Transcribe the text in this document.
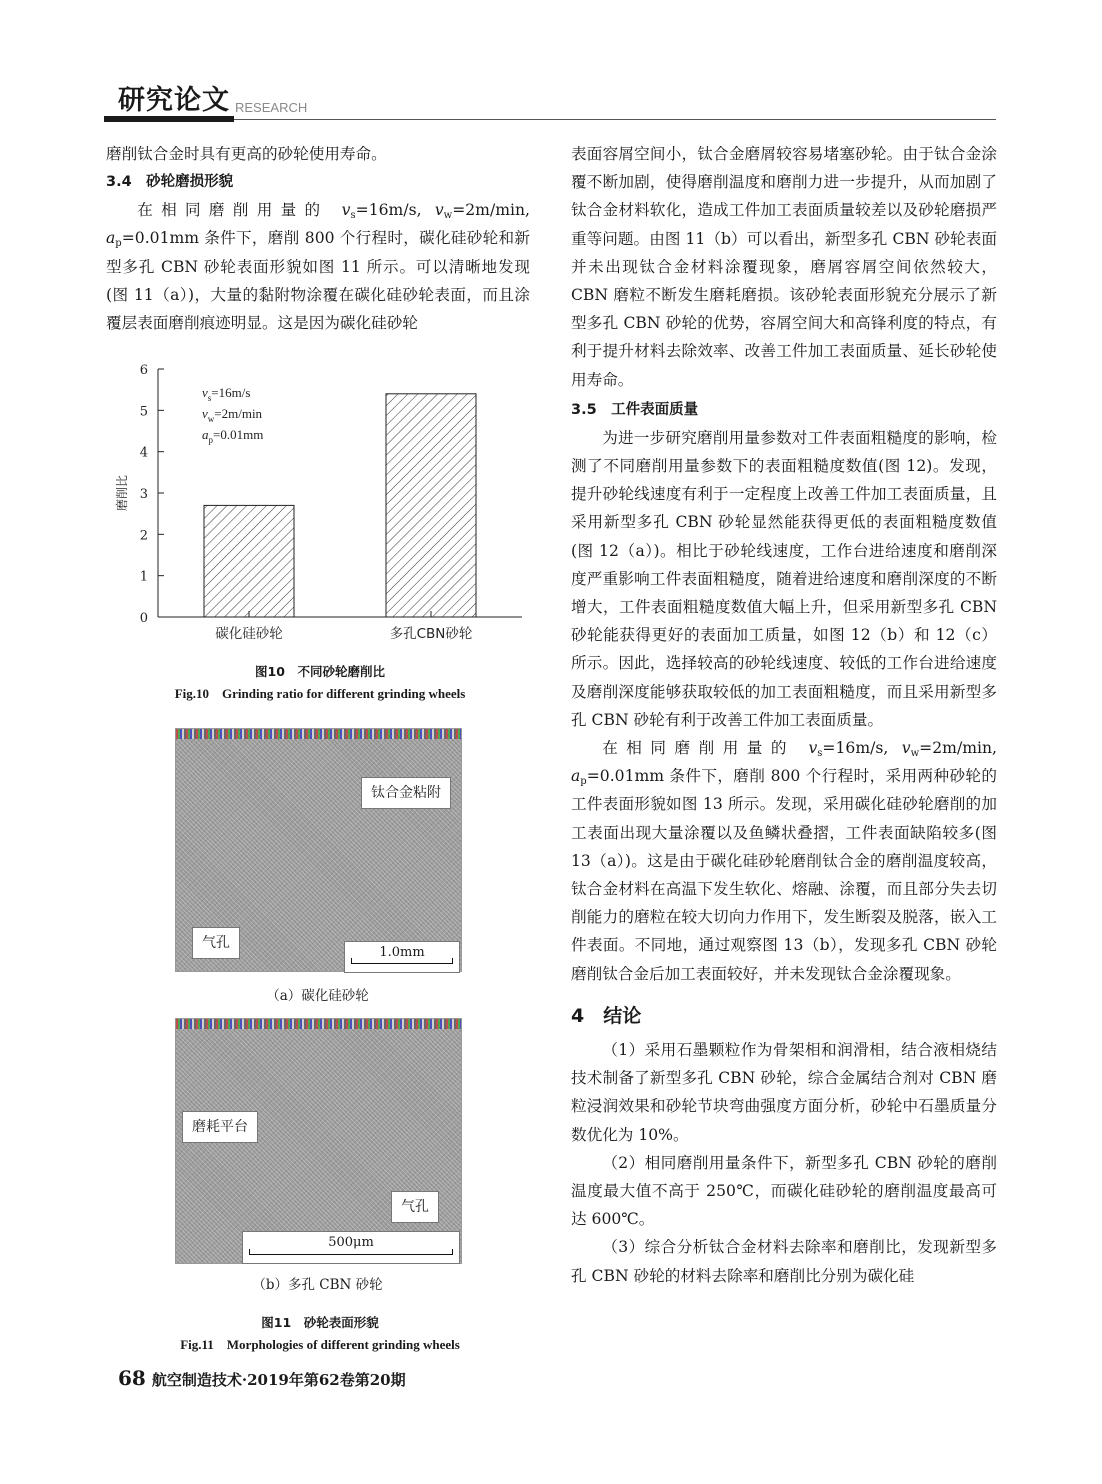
研究论文 RESEARCH

磨削钛合金时具有更高的砂轮使用寿命。

3.4　砂轮磨损形貌

在相同磨削用量的 $v_s=16m/s$, $v_w=2m/\min$, $a_p=0.01mm$ 条件下，磨削 800 个行程时，碳化硅砂轮和新型多孔 CBN 砂轮表面形貌如图 11 所示。可以清晰地发现(图 11（a）)，大量的黏附物涂覆在碳化硅砂轮表面，而且涂覆层表面磨削痕迹明显。这是因为碳化硅砂轮

0
1
2
3
4
5
6
磨削比
碳化硅砂轮	多孔CBN砂轮
$v_s=16m/s$
$v_w=2m/\min$
$a_p=0.01mm$
图10　不同砂轮磨削比
Fig.10　Grinding ratio for different grinding wheels
钛合金粘附
气孔
1.0mm
（a）碳化硅砂轮
磨耗平台
气孔
500μm
（b）多孔 CBN 砂轮
图11　砂轮表面形貌
Fig.11　Morphologies of different grinding wheels

表面容屑空间小，钛合金磨屑较容易堵塞砂轮。由于钛合金涂覆不断加剧，使得磨削温度和磨削力进一步提升，从而加剧了钛合金材料软化，造成工件加工表面质量较差以及砂轮磨损严重等问题。由图 11（b）可以看出，新型多孔 CBN 砂轮表面并未出现钛合金材料涂覆现象，磨屑容屑空间依然较大，CBN 磨粒不断发生磨耗磨损。该砂轮表面形貌充分展示了新型多孔 CBN 砂轮的优势，容屑空间大和高锋利度的特点，有利于提升材料去除效率、改善工件加工表面质量、延长砂轮使用寿命。

3.5　工件表面质量

为进一步研究磨削用量参数对工件表面粗糙度的影响，检测了不同磨削用量参数下的表面粗糙度数值(图 12)。发现，提升砂轮线速度有利于一定程度上改善工件加工表面质量，且采用新型多孔 CBN 砂轮显然能获得更低的表面粗糙度数值(图 12（a）)。相比于砂轮线速度，工作台进给速度和磨削深度严重影响工件表面粗糙度，随着进给速度和磨削深度的不断增大，工件表面粗糙度数值大幅上升，但采用新型多孔 CBN 砂轮能获得更好的表面加工质量，如图 12（b）和 12（c）所示。因此，选择较高的砂轮线速度、较低的工作台进给速度及磨削深度能够获取较低的加工表面粗糙度，而且采用新型多孔 CBN 砂轮有利于改善工件加工表面质量。

在相同磨削用量的 $v_s=16m/s$, $v_w=2m/\min$, $a_p=0.01mm$ 条件下，磨削 800 个行程时，采用两种砂轮的工件表面形貌如图 13 所示。发现，采用碳化硅砂轮磨削的加工表面出现大量涂覆以及鱼鳞状叠摺，工件表面缺陷较多(图 13（a）)。这是由于碳化硅砂轮磨削钛合金的磨削温度较高，钛合金材料在高温下发生软化、熔融、涂覆，而且部分失去切削能力的磨粒在较大切向力作用下，发生断裂及脱落，嵌入工件表面。不同地，通过观察图 13（b），发现多孔 CBN 砂轮磨削钛合金后加工表面较好，并未发现钛合金涂覆现象。

4　结论

（1）采用石墨颗粒作为骨架相和润滑相，结合液相烧结技术制备了新型多孔 CBN 砂轮，综合金属结合剂对 CBN 磨粒浸润效果和砂轮节块弯曲强度方面分析，砂轮中石墨质量分数优化为 10%。

（2）相同磨削用量条件下，新型多孔 CBN 砂轮的磨削温度最大值不高于 250℃，而碳化硅砂轮的磨削温度最高可达 600℃。

（3）综合分析钛合金材料去除率和磨削比，发现新型多孔 CBN 砂轮的材料去除率和磨削比分别为碳化硅

68 航空制造技术·2019年第62卷第20期
